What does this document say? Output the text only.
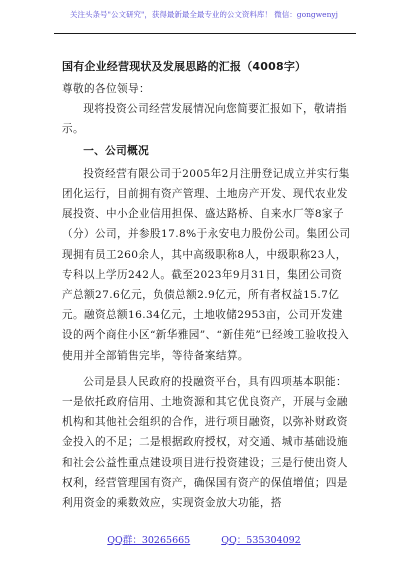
关注头条号"公文研究"，获得最新最全最专业的公文资料库！ 微信：gongwenyj
国有企业经营现状及发展思路的汇报（4008字）

尊敬的各位领导：

现将投资公司经营发展情况向您简要汇报如下，敬请指示。

一、公司概况

投资经营有限公司于2005年2月注册登记成立并实行集团化运行，目前拥有资产管理、土地房产开发、现代农业发展投资、中小企业信用担保、盛达路桥、自来水厂等8家子（分）公司，并参股17.8%于永安电力股份公司。集团公司现拥有员工260余人，其中高级职称8人，中级职称23人，专科以上学历242人。截至2023年9月31日，集团公司资产总额27.6亿元，负债总额2.9亿元，所有者权益15.7亿元。融资总额16.34亿元，土地收储2953亩，公司开发建设的两个商住小区“新华雅园”、“新佳苑”已经竣工验收投入使用并全部销售完毕，等待备案结算。

公司是县人民政府的投融资平台，具有四项基本职能：一是依托政府信用、土地资源和其它优良资产，开展与金融机构和其他社会组织的合作，进行项目融资，以弥补财政资金投入的不足；二是根据政府授权，对交通、城市基础设施和社会公益性重点建设项目进行投资建设；三是行使出资人权利，经营管理国有资产，确保国有资产的保值增值；四是利用资金的乘数效应，实现资金放大功能，搭

QQ群：30265665	QQ：535304092
